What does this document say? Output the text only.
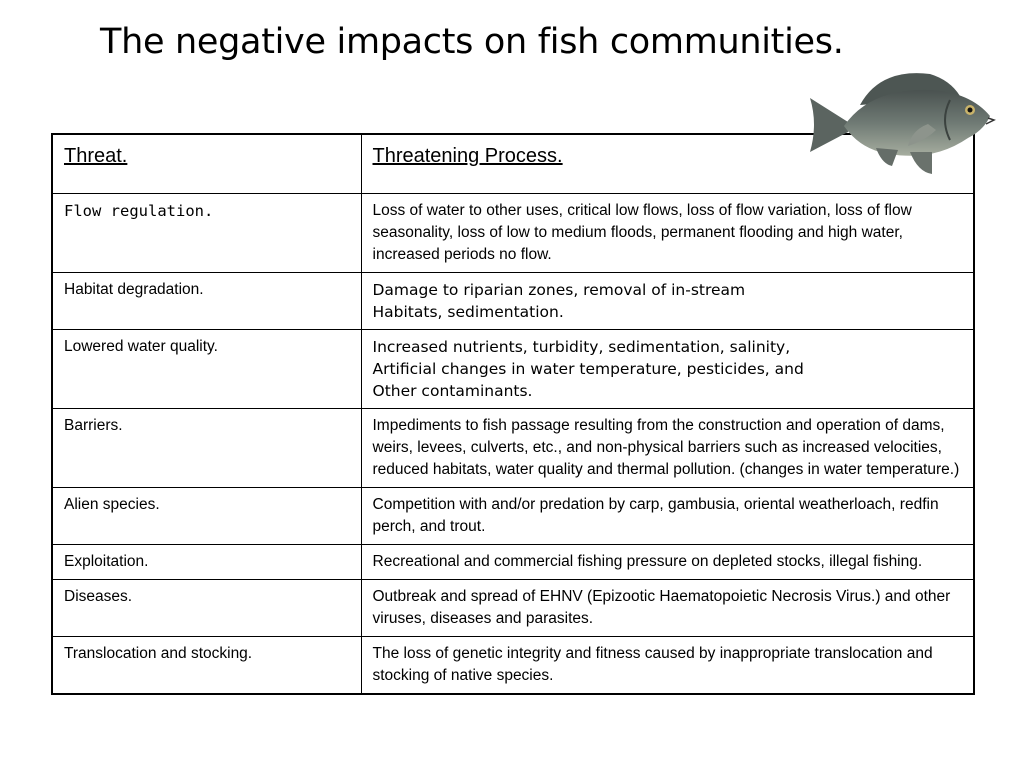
The negative impacts on fish communities.
Threat.	Threatening Process.
Flow regulation.	Loss of water to other uses, critical low flows, loss of flow variation, loss of flow seasonality, loss of low to medium floods, permanent flooding and high water, increased periods no flow.

Habitat degradation.	Damage to riparian zones, removal of in-stream
Habitats, sedimentation.

Lowered water quality.	Increased nutrients, turbidity, sedimentation, salinity,
Artificial changes in water temperature, pesticides, and
Other contaminants.

Barriers.	Impediments to fish passage resulting from the construction and operation of dams, weirs, levees, culverts, etc., and non-physical barriers such as increased velocities, reduced habitats, water quality and thermal pollution. (changes in water temperature.)

Alien species.	Competition with and/or predation by carp, gambusia, oriental weatherloach, redfin perch, and trout.

Exploitation.	Recreational and commercial fishing pressure on depleted stocks, illegal fishing.

Diseases.	Outbreak and spread of EHNV (Epizootic Haematopoietic Necrosis Virus.) and other viruses, diseases and parasites.

Translocation and stocking.	The loss of genetic integrity and fitness caused by inappropriate translocation and stocking of native species.
